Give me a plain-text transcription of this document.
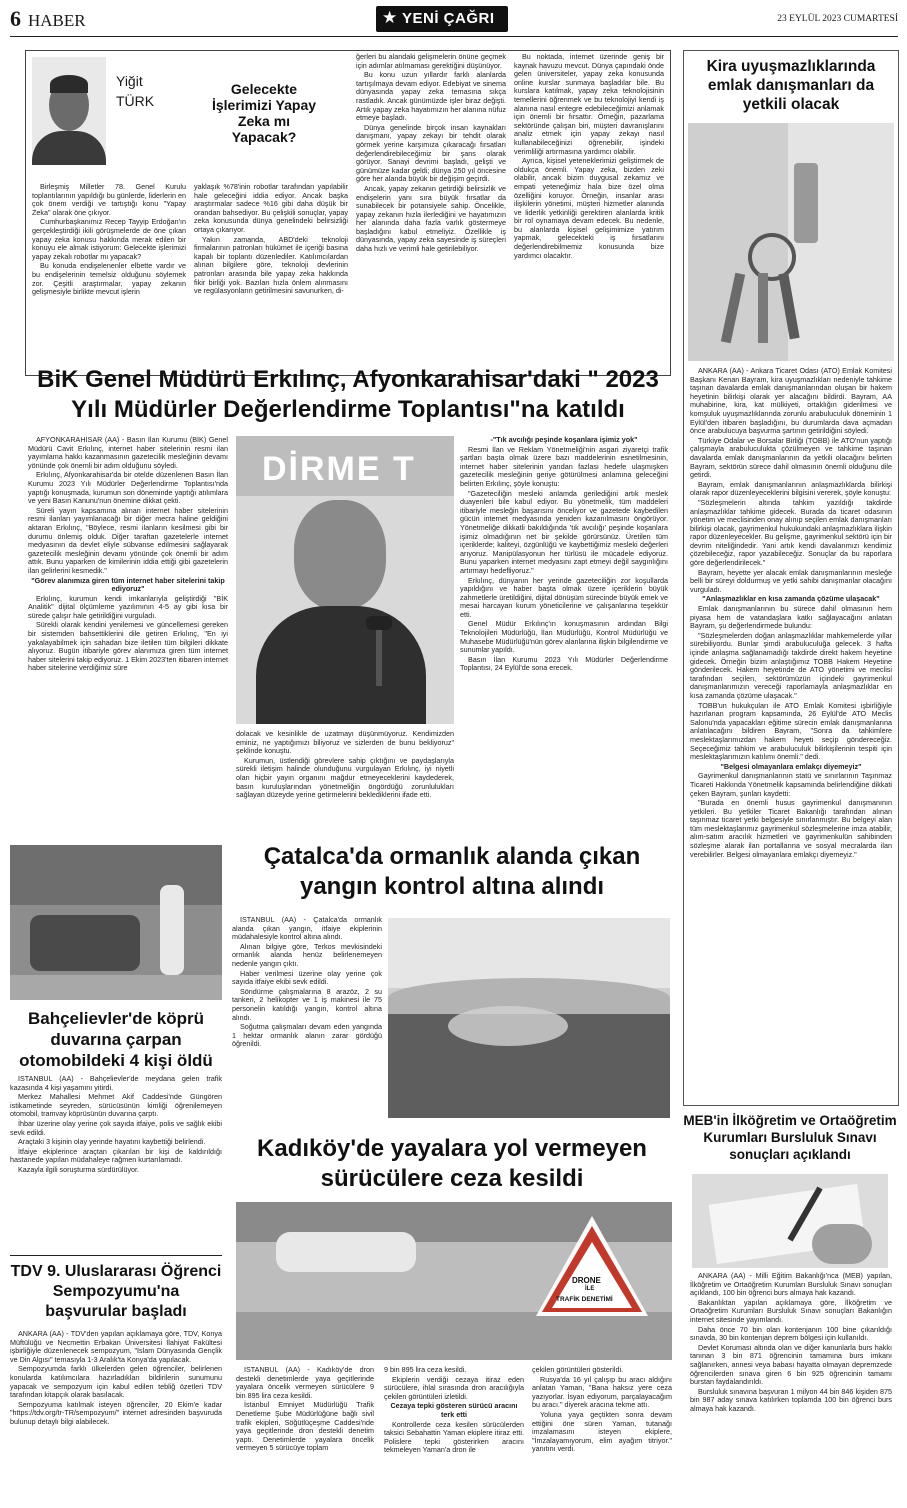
6 HABER	★ YENİ ÇAĞRI	23 EYLÜL 2023 CUMARTESİ
Yiğit
TÜRK
Gelecekte İşlerimizi Yapay Zeka mı Yapacak?

Birleşmiş Milletler 78. Genel Kurulu toplantılarının yapıldığı bu günlerde, liderlerin en çok önem verdiği ve tartıştığı konu "Yapay Zeka" olarak öne çıkıyor.

Cumhurbaşkanımız Recep Tayyip Erdoğan'ın gerçekleştirdiği ikili görüşmelerde de öne çıkan yapay zeka konusu hakkında merak edilen bir konuyu ele almak istiyorum: Gelecekte işlerimizi yapay zekalı robotlar mı yapacak?

Bu konuda endişelenenler elbette vardır ve bu endişelerinin temelsiz olduğunu söylemek zor. Çeşitli araştırmalar, yapay zekanın gelişmesiyle birlikte mevcut işlerin

yaklaşık %78'inin robotlar tarafından yapılabilir hale geleceğini iddia ediyor. Ancak başka araştırmalar sadece %16 gibi daha düşük bir orandan bahsediyor. Bu çelişkili sonuçlar, yapay zeka konusunda dünya genelindeki belirsizliği ortaya çıkarıyor.

Yakın zamanda, ABD'deki teknoloji firmalarının patronları hükümet ile içeriği basına kapalı bir toplantı düzenlediler. Katılımcılardan alınan bilgilere göre, teknoloji devlerinin patronları arasında bile yapay zeka hakkında fikir birliği yok. Bazıları hızla önlem alınmasını ve regülasyonların getirilmesini savunurken, di-

ğerleri bu alandaki gelişmelerin önüne geçmek için adımlar atılmaması gerektiğini düşünüyor.

Bu konu uzun yıllardır farklı alanlarda tartışılmaya devam ediyor. Edebiyat ve sinema dünyasında yapay zeka temasına sıkça rastladık. Ancak günümüzde işler biraz değişti. Artık yapay zeka hayatımızın her alanına nüfuz etmeye başladı.

Dünya genelinde birçok insan kaynakları danışmanı, yapay zekayı bir tehdit olarak görmek yerine karşımıza çıkaracağı fırsatları değerlendirebileceğimiz bir şans olarak görüyor. Sanayi devrimi başladı, gelişti ve günümüze kadar geldi; dünya 250 yıl öncesine göre her alanda büyük bir değişim geçirdi.

Ancak, yapay zekanın getirdiği belirsizlik ve endişelerin yanı sıra büyük fırsatlar da sunabilecek bir potansiyele sahip. Öncelikle, yapay zekanın hızla ilerlediğini ve hayatımızın her alanında daha fazla varlık göstermeye başladığını kabul etmeliyiz. Özellikle iş dünyasında, yapay zeka sayesinde iş süreçleri daha hızlı ve verimli hale getirilebiliyor.

Bu noktada, internet üzerinde geniş bir kaynak havuzu mevcut. Dünya çapındaki önde gelen üniversiteler, yapay zeka konusunda online kurslar sunmaya başladılar bile. Bu kurslara katılmak, yapay zeka teknolojisinin temellerini öğrenmek ve bu teknolojiyi kendi iş alanına nasıl entegre edebileceğimizi anlamak için önemli bir fırsattır. Örneğin, pazarlama sektöründe çalışan biri, müşteri davranışlarını analiz etmek için yapay zekayı nasıl kullanabileceğinizi öğrenebilir, işindeki verimliliği artırmasına yardımcı olabilir.

Ayrıca, kişisel yeteneklerimizi geliştirmek de oldukça önemli. Yapay zeka, bizden zeki olabilir, ancak bizim duygusal zekamız ve empati yeteneğimiz hala bize özel olma özelliğini koruyor. Örneğin, insanlar arası ilişkilerin yönetimi, müşteri hizmetler alanında ve liderlik yetkinliği gerektiren alanlarda kritik bir rol oynamaya devam edecek. Bu nedenle, bu alanlarda kişisel gelişimimize yatırım yapmak, gelecekteki iş fırsatlarını değerlendirebilmemiz konusunda bize yardımcı olacaktır.

BiK Genel Müdürü Erkılınç, Afyonkarahisar'daki " 2023 Yılı Müdürler Değerlendirme Toplantısı"na katıldı

AFYONKARAHİSAR (AA) - Basın İlan Kurumu (BİK) Genel Müdürü Cavit Erkılınç, internet haber sitelerinin resmi ilan yayımlama hakkı kazanmasının gazetecilik mesleğinin devamı yönünde çok önemli bir adım olduğunu söyledi.

Erkılınç, Afyonkarahisar'da bir otelde düzenlenen Basın İlan Kurumu 2023 Yılı Müdürler Değerlendirme Toplantısı'nda yaptığı konuşmada, kurumun son döneminde yaptığı atılımlara ve yeni Basın Kanunu'nun önemine dikkat çekti.

Süreli yayın kapsamına alınan internet haber sitelerinin resmi ilanları yayımlanacağı bir diğer mecra haline geldiğini aktaran Erkılınç, "Böylece, resmi ilanların kesilmesi gibi bir durumu önlemiş olduk. Diğer taraftan gazetelerle internet medyasının da devlet eliyle sübvanse edilmesini sağlayarak gazetecilik mesleğinin devamı yönünde çok önemli bir adım attık. Bunu yaparken de kimilerinin iddia ettiği gibi gazetelerin ilan gelirlerini kesmedik."

"Görev alanımıza giren tüm internet haber sitelerini takip ediyoruz"

Erkılınç, kurumun kendi imkanlarıyla geliştirdiği "BİK Analitik" dijital ölçümleme yazılımının 4-5 ay gibi kısa bir sürede çalışır hale getirildiğini vurguladı.

Sürekli olarak kendini yenilemesi ve güncellemesi gereken bir sistemden bahsettiklerini dile getiren Erkılınç, "En iyi yakalayabilmek için sahadan bize iletilen tüm bilgileri dikkate alıyoruz. Bugün itibariyle görev alanımıza giren tüm internet haber sitelerini takip ediyoruz. 1 Ekim 2023'ten itibaren internet haber sitelerine verdiğimiz süre

DİRME T

dolacak ve kesinlikle de uzatmayı düşünmüyoruz. Kendimizden eminiz, ne yaptığımızı biliyoruz ve sizlerden de bunu bekliyoruz" şeklinde konuştu.

Kurumun, üstlendiği görevlere sahip çıktığını ve paydaşlarıyla sürekli iletişim halinde olunduğunu vurgulayan Erkılınç, iyi niyetli olan hiçbir yayın organını mağdur etmeyeceklerini kaydederek, basın kuruluşlarından yönetmeliğin öngördüğü zorunlulukları sağlayan düzeyde yerine getirmelerini beklediklerini ifade etti.

-"Tık avcılığı peşinde koşanlara işimiz yok"

Resmi İlan ve Reklam Yönetmeliği'nin asgari ziyaretçi trafik şartları başta olmak üzere bazı maddelerinin esnetilmesinin, internet haber sitelerinin yarıdan fazlası hedefe ulaşmışken gazetecilik mesleğinin geriye götürülmesi anlamına geleceğini belirten Erkılınç, şöyle konuştu:

"Gazeteciliğin mesleki anlamda gerilediğini artık meslek duayenleri bile kabul ediyor. Bu yönetmelik, tüm maddeleri itibariyle mesleğin başarısını önceliyor ve gazetede kaybedilen gücün internet medyasında yeniden kazanılmasını öngörüyor. Yönetmeliğe dikkatli bakıldığında 'tık avcılığı' peşinde koşanlara işimiz olmadığının net bir şekilde görürsünüz. Üretilen tüm içeriklerde; kaliteyi, özgünlüğü ve kaybettiğimiz mesleki değerleri arıyoruz. Manipülasyonun her türlüsü ile mücadele ediyoruz. Bunu yaparken internet medyasını zapt etmeyi değil saygınlığını artırmayı hedefliyoruz."

Erkılınç, dünyanın her yerinde gazeteciliğin zor koşullarda yapıldığını ve haber başta olmak üzere içeriklerin büyük zahmetlerle üretildiğini, dijital dönüşüm sürecinde büyük emek ve mesai harcayan kurum yöneticilerine ve çalışanlarına teşekkür etti.

Genel Müdür Erkılınç'ın konuşmasının ardından Bilgi Teknolojileri Müdürlüğü, İlan Müdürlüğü, Kontrol Müdürlüğü ve Muhasebe Müdürlüğü'nün görev alanlarına ilişkin bilgilendirme ve sunumlar yapıldı.

Basın İlan Kurumu 2023 Yılı Müdürler Değerlendirme Toplantısı, 24 Eylül'de sona erecek.

Kira uyuşmazlıklarında emlak danışmanları da yetkili olacak

ANKARA (AA) - Ankara Ticaret Odası (ATO) Emlak Komitesi Başkanı Kenan Bayram, kira uyuşmazlıkları nedeniyle tahkime taşınan davalarda emlak danışmanlarından oluşan bir hakem heyetinin bilirkişi olarak yer alacağını bildirdi. Bayram, AA muhabirine, kira, kat mülkiyeti, ortaklığın giderilmesi ve komşuluk uyuşmazlıklarında zorunlu arabuluculuk döneminin 1 Eylül'den itibaren başladığını, bu durumlarda dava açmadan önce arabulucuya başvurma şartının getirildiğini söyledi.

Türkiye Odalar ve Borsalar Birliği (TOBB) ile ATO'nun yaptığı çalışmayla arabuluculukta çözülmeyen ve tahkime taşınan davalarda emlak danışmanlarının da yetkili olacağını belirten Bayram, sektörün sürece dahil olmasının önemli olduğunu dile getirdi.

Bayram, emlak danışmanlarının anlaşmazlıklarda bilirkişi olarak rapor düzenleyeceklerini bilgisini vererek, şöyle konuştu:

"Sözleşmelerin altında tahkim yazıldığı takdirde anlaşmazlıklar tahkime gidecek. Burada da ticaret odasının yönetim ve meclisinden onay alınıp seçilen emlak danışmanları bilirkişi olacak, gayrimenkul hukukundaki anlaşmazlıklara ilişkin rapor düzenleyecekler. Bu gelişme, gayrimenkul sektörü için bir devrim niteliğindedir. Yani artık kendi davalarımızı kendimiz çözebileceğiz, rapor yazabileceğiz. Sonuçlar da bu raporlara göre değerlendirilecek."

Bayram, heyette yer alacak emlak danışmanlarının mesleğe belli bir süreyi doldurmuş ve yetki sahibi danışmanlar olacağını vurguladı.

"Anlaşmazlıklar en kısa zamanda çözüme ulaşacak"

Emlak danışmanlarının bu sürece dahil olmasının hem piyasa hem de vatandaşlara katkı sağlayacağını anlatan Bayram, şu değerlendirmede bulundu:

"Sözleşmelerden doğan anlaşmazlıklar mahkemelerde yıllar sürebiliyordu. Bunlar şimdi arabuluculuğa gelecek. 3 hafta içinde anlaşma sağlanamadığı takdirde direkt hakem heyetine gidecek. Örneğin bizim anlaştığımız TOBB Hakem Heyetine gönderilecek. Hakem heyetinde de ATO yönetimi ve meclisi tarafından seçilen, sektörümüzün içindeki gayrimenkul danışmanlarımızın vereceği raporlamayla anlaşmazlıklar en kısa zamanda çözüme ulaşacak."

TOBB'un hukukçuları ile ATO Emlak Komitesi işbirliğiyle hazırlanan program kapsamında, 26 Eylül'de ATO Meclis Salonu'nda yapacakları eğitime sürecin emlak danışmanlarına anlatılacağını bildiren Bayram, "Sonra da tahkimlere meslektaşlarımızdan hakem heyeti seçip göndereceğiz. Seçeceğimiz tahkim ve arabuluculuk bilirkişilerinin tespiti için meslektaşlarımızın katılımı önemli." dedi.

"Belgesi olmayanlara emlakçı diyemeyiz"

Gayrimenkul danışmanlarının statü ve sınırlarının Taşınmaz Ticareti Hakkında Yönetmelik kapsamında belirlendiğine dikkati çeken Bayram, şunları kaydetti:

"Burada en önemli husus gayrimenkul danışmanının yetkileri. Bu yetkiler Ticaret Bakanlığı tarafından alınan taşınmaz ticaret yetki belgesiyle sınırlanmıştır. Bu belgeyi alan tüm meslektaşlarımız gayrimenkul sözleşmelerine imza atabilir, alım-satım aracılık hizmetleri ve gayrimenkulün sahibinden sözleşme alarak ilan portallarına ve sosyal mecralarda ilan verebilirler. Belgesi olmayanlara emlakçı diyemeyiz."

Bahçelievler'de köprü duvarına çarpan otomobildeki 4 kişi öldü

İSTANBUL (AA) - Bahçelievler'de meydana gelen trafik kazasında 4 kişi yaşamını yitirdi.

Merkez Mahallesi Mehmet Akif Caddesi'nde Güngören istikametinde seyreden, sürücüsünün kimliği öğrenilemeyen otomobil, tramvay köprüsünün duvarına çarptı.

İhbar üzerine olay yerine çok sayıda itfaiye, polis ve sağlık ekibi sevk edildi.

Araçtaki 3 kişinin olay yerinde hayatını kaybettiği belirlendi.

İtfaiye ekiplerince araçtan çıkarılan bir kişi de kaldırıldığı hastanede yapılan müdahaleye rağmen kurtarılamadı.

Kazayla ilgili soruşturma sürdürülüyor.

TDV 9. Uluslararası Öğrenci Sempozyumu'na başvurular başladı

ANKARA (AA) - TDV'den yapılan açıklamaya göre, TDV, Konya Müftülüğü ve Necmettin Erbakan Üniversitesi İlahiyat Fakültesi işbirliğiyle düzenlenecek sempozyum, "İslam Dünyasında Gençlik ve Din Algısı" temasıyla 1-3 Aralık'ta Konya'da yapılacak.

Sempozyumda farklı ülkelerden gelen öğrenciler, belirlenen konularda katılımcılara hazırladıkları bildirilerin sunumunu yapacak ve sempozyum için kabul edilen tebliğ özetleri TDV tarafından kitapçık olarak basılacak.

Sempozyuma katılmak isteyen öğrenciler, 20 Ekim'e kadar "https://tdv.org/tr-TR/sempozyum/" internet adresinden başvuruda bulunup detaylı bilgi alabilecek.

Çatalca'da ormanlık alanda çıkan yangın kontrol altına alındı

İSTANBUL (AA) - Çatalca'da ormanlık alanda çıkan yangın, itfaiye ekiplerinin müdahalesiyle kontrol altına alındı.

Alınan bilgiye göre, Terkos mevkisindeki ormanlık alanda henüz belirlenemeyen nedenle yangın çıktı.

Haber verilmesi üzerine olay yerine çok sayıda itfaiye ekibi sevk edildi.

Söndürme çalışmalarına 8 arazöz, 2 su tankeri, 2 helikopter ve 1 iş makinesi ile 75 personelin katıldığı yangın, kontrol altına alındı.

Soğutma çalışmaları devam eden yangında 1 hektar ormanlık alanın zarar gördüğü öğrenildi.

Kadıköy'de yayalara yol vermeyen sürücülere ceza kesildi
DRONE
İLE
TRAFİK DENETİMİ

İSTANBUL (AA) - Kadıköy'de dron destekli denetimlerde yaya geçitlerinde yayalara öncelik vermeyen sürücülere 9 bin 895 lira ceza kesildi.

İstanbul Emniyet Müdürlüğü Trafik Denetleme Şube Müdürlüğüne bağlı sivil trafik ekipleri, Söğütlüçeşme Caddesi'nde yaya geçitlerinde dron destekli denetim yaptı. Denetimlerde yayalara öncelik vermeyen 5 sürücüye toplam

9 bin 895 lira ceza kesildi.

Ekiplerin verdiği cezaya itiraz eden sürücülere, ihlal sırasında dron aracılığıyla çekilen görüntüleri izletildi.

Cezaya tepki gösteren sürücü aracını terk etti

Kontrollerde ceza kesilen sürücülerden taksici Sebahattin Yaman ekiplere itiraz etti. Polislere tepki gösterirken aracını tekmeleyen Yaman'a dron ile

çekilen görüntüleri gösterildi.

Rusya'da 16 yıl çalışıp bu aracı aldığını anlatan Yaman, "Bana haksız yere ceza yazıyorlar. İsyan ediyorum, parçalayacağım bu aracı." diyerek aracına tekme attı.

Yoluna yaya geçtikten sonra devam ettiğini öne süren Yaman, tutanağı imzalamasını isteyen ekiplere, "İmzalayamıyorum, elim ayağım titriyor." yanıtını verdi.

MEB'in İlköğretim ve Ortaöğretim Kurumları Bursluluk Sınavı sonuçları açıklandı

ANKARA (AA) - Milli Eğitim Bakanlığı'nca (MEB) yapılan, İlköğretim ve Ortaöğretim Kurumları Bursluluk Sınavı sonuçları açıklandı, 100 bin öğrenci burs almaya hak kazandı.

Bakanlıktan yapılan açıklamaya göre, İlköğretim ve Ortaöğretim Kurumları Bursluluk Sınavı sonuçları Bakanlığın internet sitesinde yayımlandı.

Daha önce 70 bin olan kontenjanın 100 bine çıkarıldığı sınavda, 30 bin kontenjan deprem bölgesi için kullanıldı.

Devlet Koruması altında olan ve diğer kanunlarla burs hakkı tanınan 3 bin 871 öğrencinin tamamına burs imkanı sağlanırken, annesi veya babası hayatta olmayan depremzede öğrencilerden sınava giren 6 bin 925 öğrencinin tamamı burstan faydalandırıldı.

Bursluluk sınavına başvuran 1 milyon 44 bin 846 kişiden 875 bin 987 aday sınava katılırken toplamda 100 bin öğrenci burs almaya hak kazandı.
